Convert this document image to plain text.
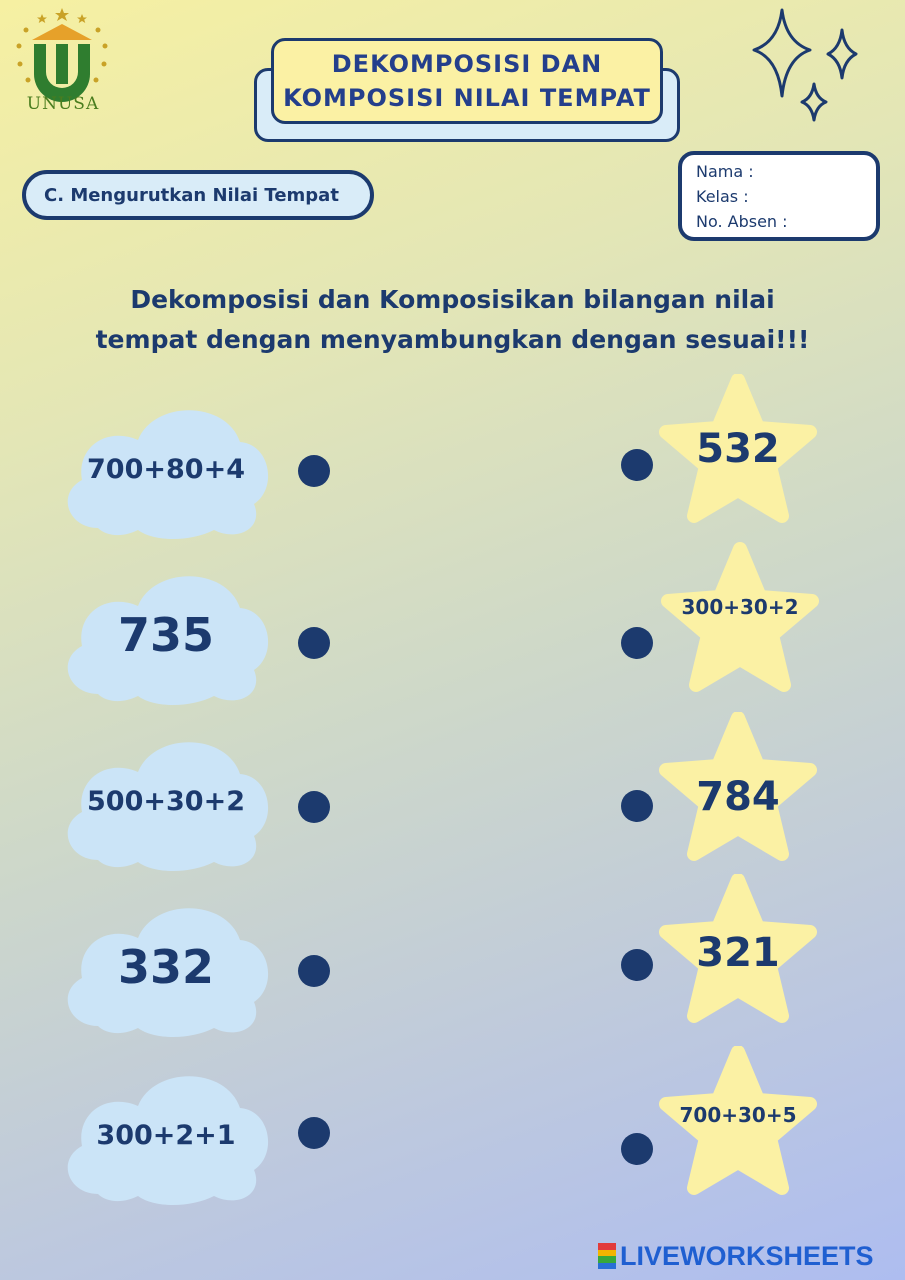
UNUSA
DEKOMPOSISI DAN
KOMPOSISI NILAI TEMPAT
C. Mengurutkan Nilai Tempat
Nama :
Kelas :
No. Absen :
Dekomposisi dan Komposisikan bilangan nilai
tempat dengan menyambungkan dengan sesuai!!!
700+80+4
735
500+30+2
332
300+2+1
532
300+30+2
784
321
700+30+5
LIVEWORKSHEETS
